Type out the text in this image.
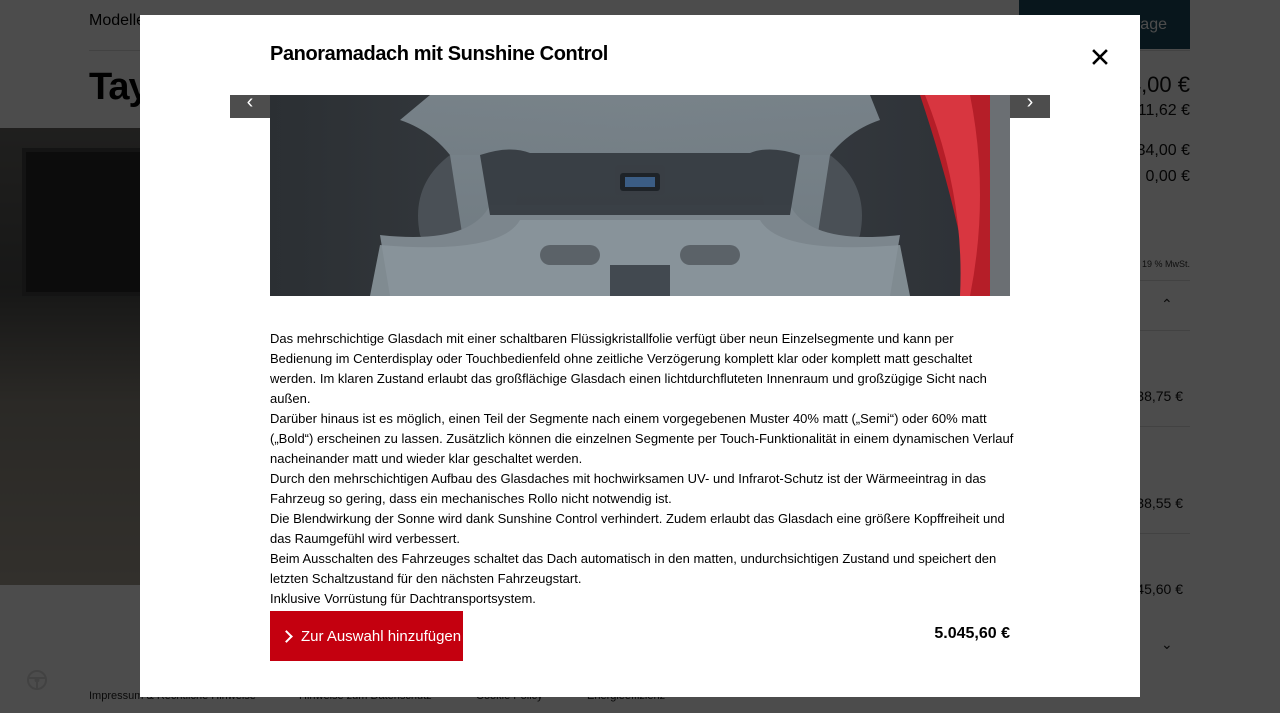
Panoramadach mit Sunshine Control
‹	›

Das mehrschichtige Glasdach mit einer schaltbaren Flüssigkristallfolie verfügt über neun Einzelsegmente und kann per Bedienung im Centerdisplay oder Touchbedienfeld ohne zeitliche Verzögerung komplett klar oder komplett matt geschaltet werden. Im klaren Zustand erlaubt das großflächige Glasdach einen lichtdurchfluteten Innenraum und großzügige Sicht nach außen.

Darüber hinaus ist es möglich, einen Teil der Segmente nach einem vorgegebenen Muster 40% matt („Semi“) oder 60% matt („Bold“) erscheinen zu lassen. Zusätzlich können die einzelnen Segmente per Touch-Funktionalität in einem dynamischen Verlauf nacheinander matt und wieder klar geschaltet werden.

Durch den mehrschichtigen Aufbau des Glasdaches mit hochwirksamen UV- und Infrarot-Schutz ist der Wärmeeintrag in das Fahrzeug so gering, dass ein mechanisches Rollo nicht notwendig ist.

Die Blendwirkung der Sonne wird dank Sunshine Control verhindert. Zudem erlaubt das Glasdach eine größere Kopffreiheit und das Raumgefühl wird verbessert.

Beim Ausschalten des Fahrzeuges schaltet das Dach automatisch in den matten, undurchsichtigen Zustand und speichert den letzten Schaltzustand für den nächsten Fahrzeugstart.

Inklusive Vorrüstung für Dachtransportsystem.

Zur Auswahl hinzufügen	5.045,60 €
